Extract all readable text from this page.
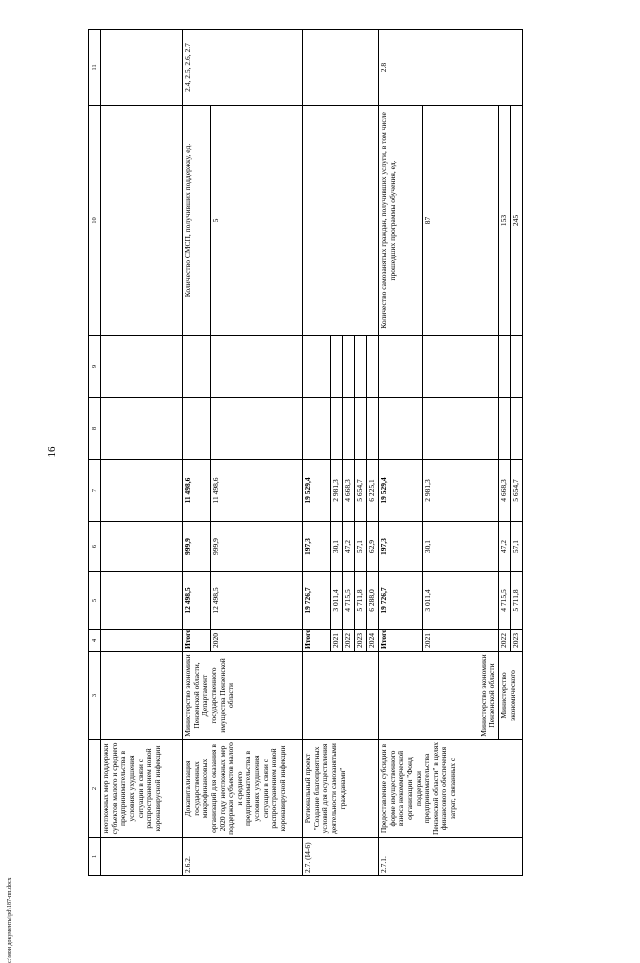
16
c:\мои документы\pd\187-пп.docx
1	2	3	4	5	6	7	8	9	10	11
	неотложных мер поддержки субъектов малого и среднего предпринимательства в условиях ухудшения ситуации в связи с распространением новой коронавирусной инфекции									
2.6.2.	Докапитализация государственных микрофинансовых организаций для оказания в 2020 году неотложных мер поддержки субъектов малого и среднего предпринимательства в условиях ухудшения ситуации в связи с распространением новой коронавирусной инфекции	Министерство экономики Пензенской области, Департамент государственного имущества Пензенской области	Итого	12 498,5	999,9	11 498,6			Количество СМСП, получивших поддержку, ед.	2.4, 2.5, 2.6, 2.7
			2020	12 498,5	999,9	11 498,6			5	
2.7. (I4-6)	Региональный проект "Создание благоприятных условий для осуществления деятельности самозанятыми гражданами"		Итого	19 726,7	197,3	19 529,4				
			2021	3 011,4	30,1	2 981,3				
			2022	4 715,5	47,2	4 668,3				
			2023	5 711,8	57,1	5 654,7				
			2024	6 288,0	62,9	6 225,1				
2.7.1.	Предоставление субсидии в форме имущественного взноса некоммерческой организации "Фонд поддержки предпринимательства Пензенской области" в целях финансового обеспечения затрат, связанных с	Министерство экономики Пензенской области	Итого	19 726,7	197,3	19 529,4			Количество самозанятых граждан, получивших услуги, в том числе прошедших программы обучения, ед.	2.8
			2021	3 011,4	30,1	2 981,3			87	
		Министерство экономического	2022	4 715,5	47,2	4 668,3			153	
			2023	5 711,8	57,1	5 654,7			245	
